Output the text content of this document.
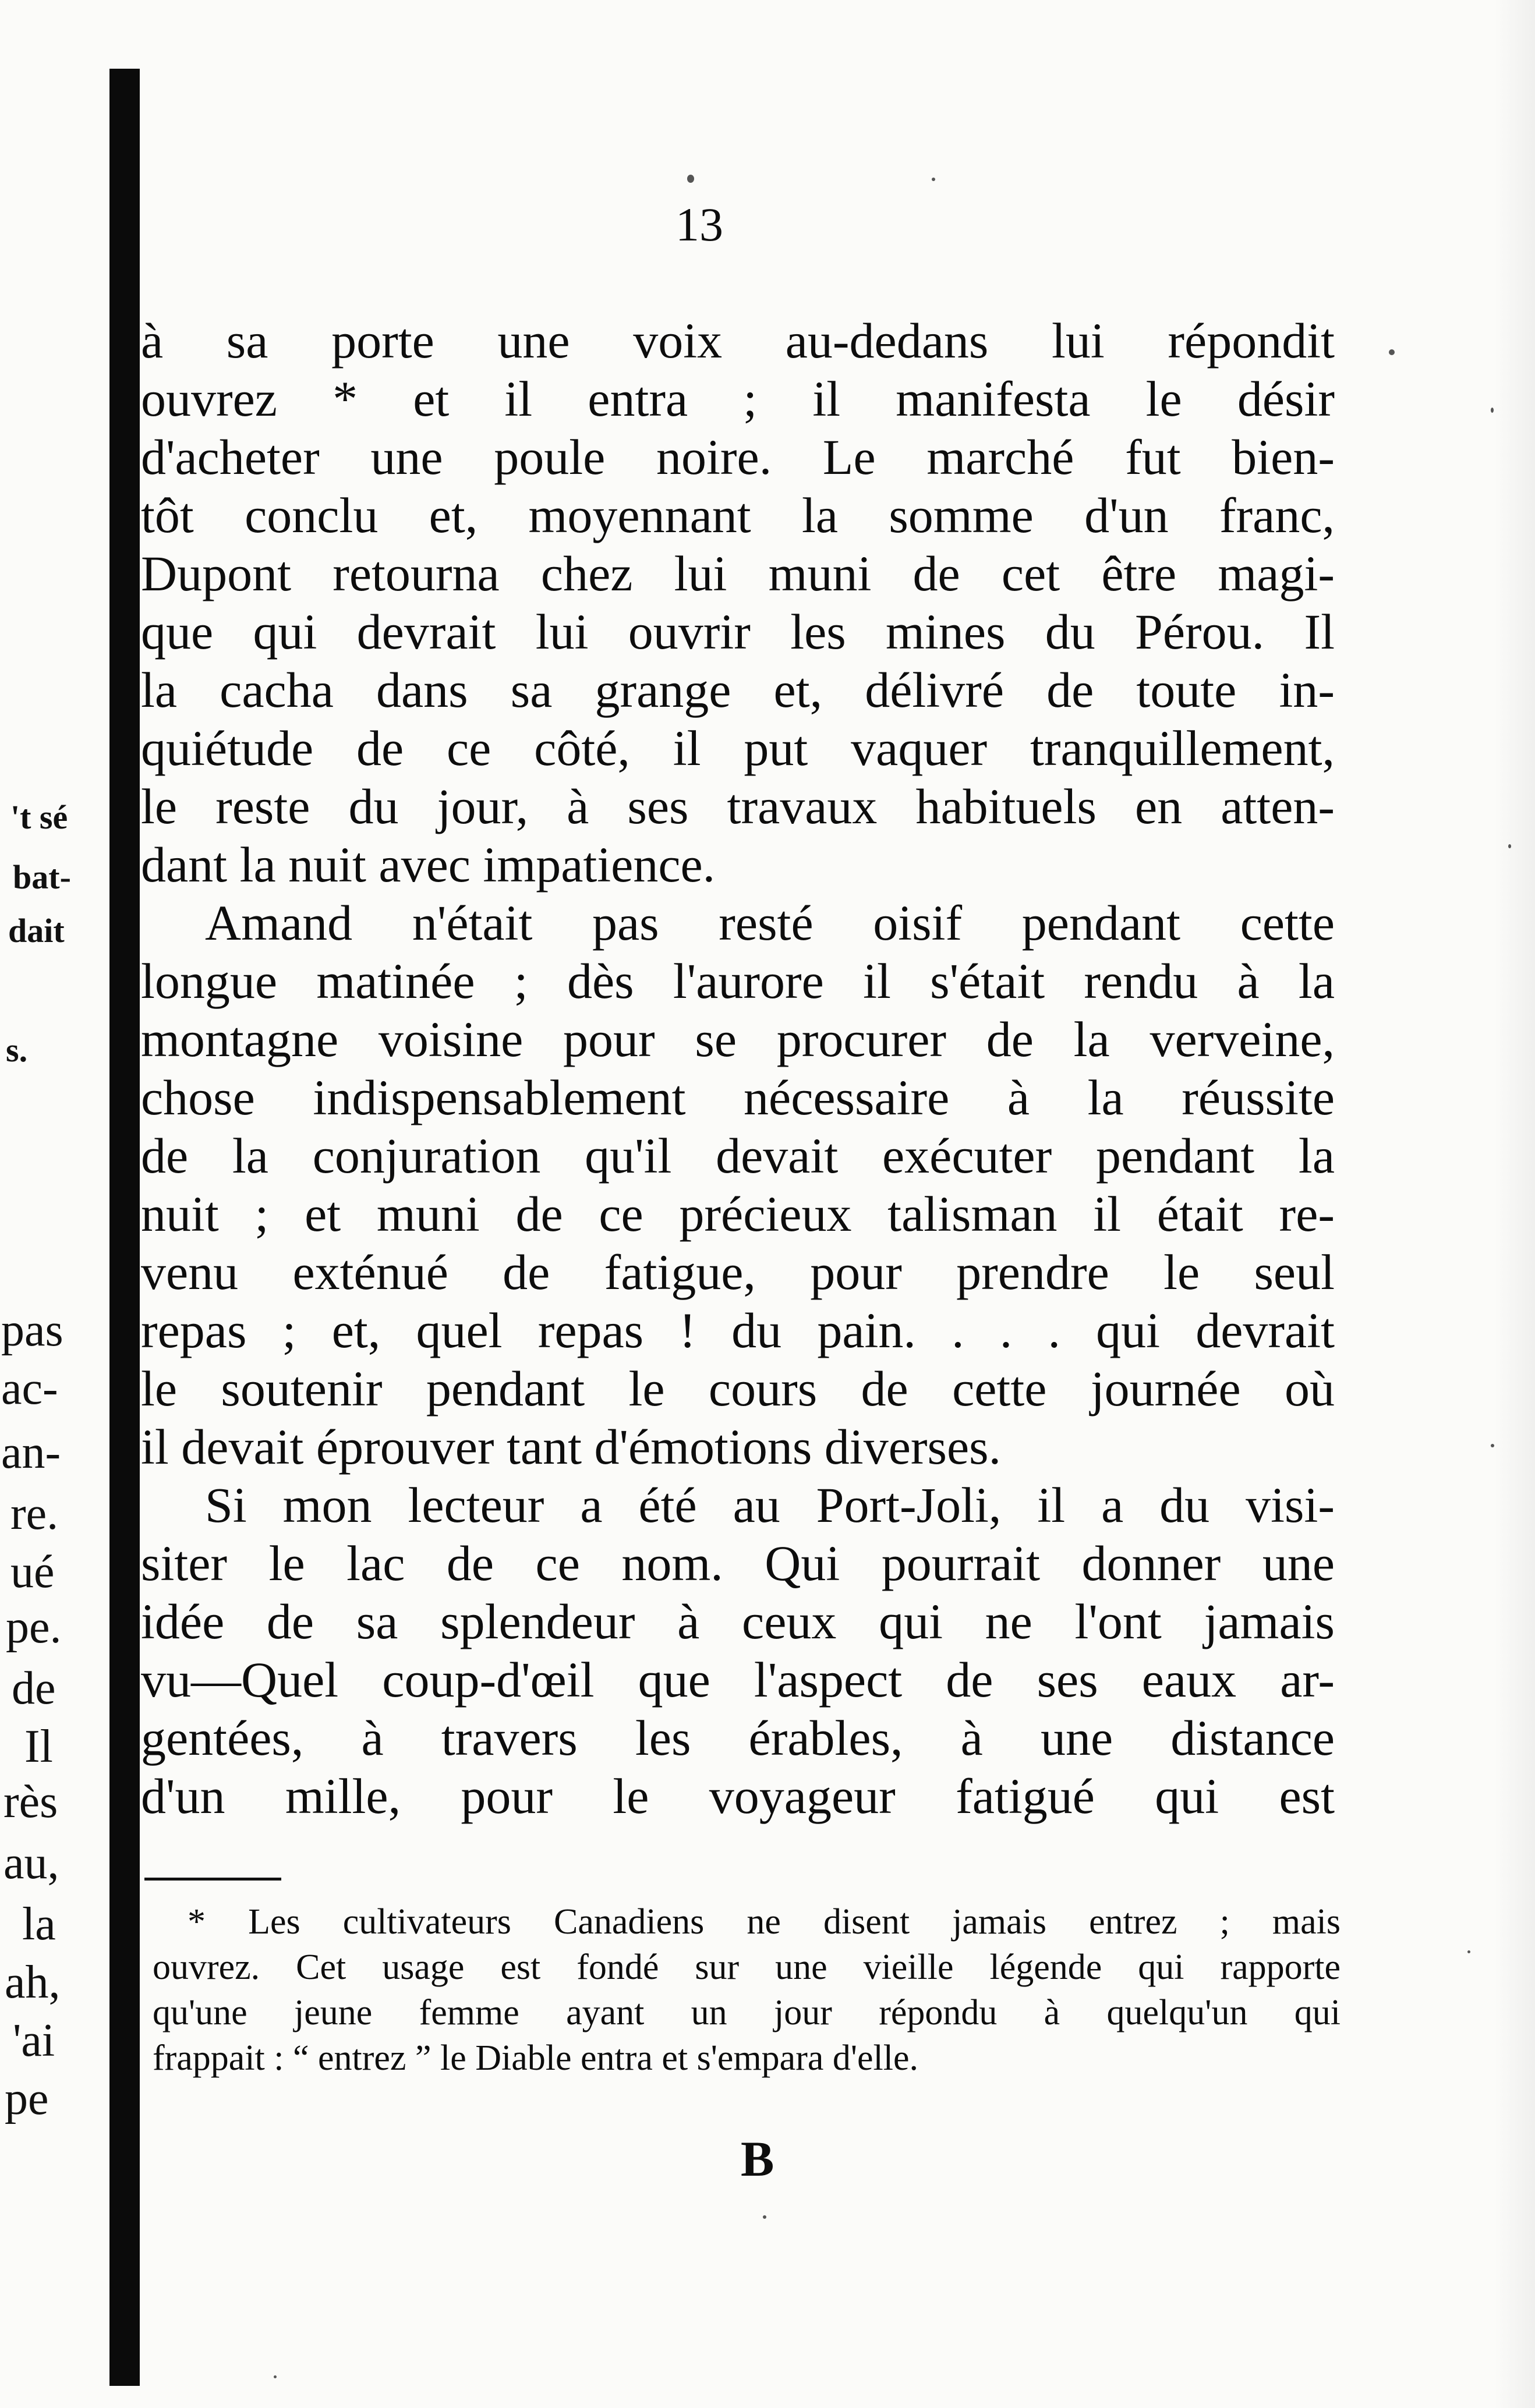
't sé
bat-
dait
s.
pas
ac-
an-
re.
ué
pe.
de
Il
rès
au,
la
ah,
'ai
pe
13
à sa porte une voix au-dedans lui répondit
ouvrez * et il entra ; il manifesta le désir
d'acheter une poule noire. Le marché fut bien-
tôt conclu et, moyennant la somme d'un franc,
Dupont retourna chez lui muni de cet être magi-
que qui devrait lui ouvrir les mines du Pérou. Il
la cacha dans sa grange et, délivré de toute in-
quiétude de ce côté, il put vaquer tranquillement,
le reste du jour, à ses travaux habituels en atten-
dant la nuit avec impatience.
Amand n'était pas resté oisif pendant cette
longue matinée ; dès l'aurore il s'était rendu à la
montagne voisine pour se procurer de la verveine,
chose indispensablement nécessaire à la réussite
de la conjuration qu'il devait exécuter pendant la
nuit ; et muni de ce précieux talisman il était re-
venu exténué de fatigue, pour prendre le seul
repas ; et, quel repas ! du pain. . . . qui devrait
le soutenir pendant le cours de cette journée où
il devait éprouver tant d'émotions diverses.
Si mon lecteur a été au Port-Joli, il a du visi-
siter le lac de ce nom. Qui pourrait donner une
idée de sa splendeur à ceux qui ne l'ont jamais
vu—Quel coup-d'œil que l'aspect de ses eaux ar-
gentées, à travers les érables, à une distance
d'un mille, pour le voyageur fatigué qui est
* Les cultivateurs Canadiens ne disent jamais entrez ; mais
ouvrez. Cet usage est fondé sur une vieille légende qui rapporte
qu'une jeune femme ayant un jour répondu à quelqu'un qui
frappait : “ entrez ” le Diable entra et s'empara d'elle.
B
